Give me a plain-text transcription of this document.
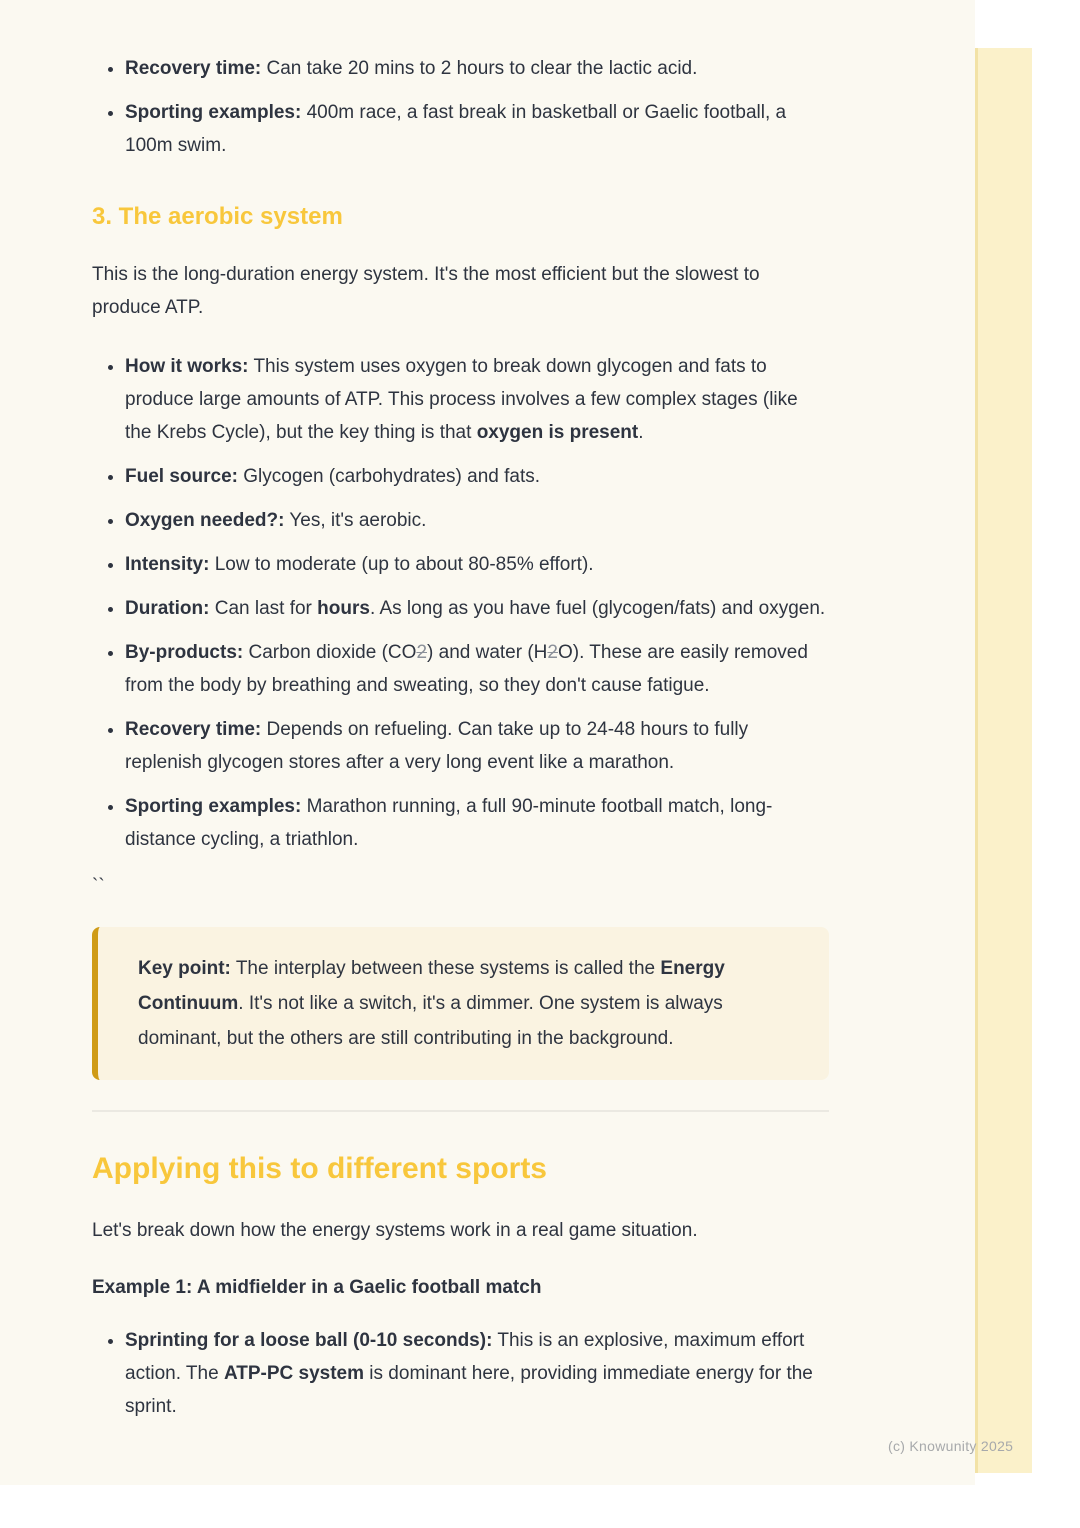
• Recovery time: Can take 20 mins to 2 hours to clear the lactic acid.
• Sporting examples: 400m race, a fast break in basketball or Gaelic football, a 100m swim.
3. The aerobic system

This is the long-duration energy system. It's the most efficient but the slowest to produce ATP.

• How it works: This system uses oxygen to break down glycogen and fats to produce large amounts of ATP. This process involves a few complex stages (like the Krebs Cycle), but the key thing is that oxygen is present.
• Fuel source: Glycogen (carbohydrates) and fats.
• Oxygen needed?: Yes, it's aerobic.
• Intensity: Low to moderate (up to about 80-85% effort).
• Duration: Can last for hours. As long as you have fuel (glycogen/fats) and oxygen.
• By-products: Carbon dioxide (CO2) and water (H2O). These are easily removed from the body by breathing and sweating, so they don't cause fatigue.
• Recovery time: Depends on refueling. Can take up to 24-48 hours to fully replenish glycogen stores after a very long event like a marathon.
• Sporting examples: Marathon running, a full 90-minute football match, long-distance cycling, a triathlon.
``

Key point: The interplay between these systems is called the Energy Continuum. It's not like a switch, it's a dimmer. One system is always dominant, but the others are still contributing in the background.

Applying this to different sports

Let's break down how the energy systems work in a real game situation.

Example 1: A midfielder in a Gaelic football match

• Sprinting for a loose ball (0-10 seconds): This is an explosive, maximum effort action. The ATP-PC system is dominant here, providing immediate energy for the sprint.
(c) Knowunity 2025
